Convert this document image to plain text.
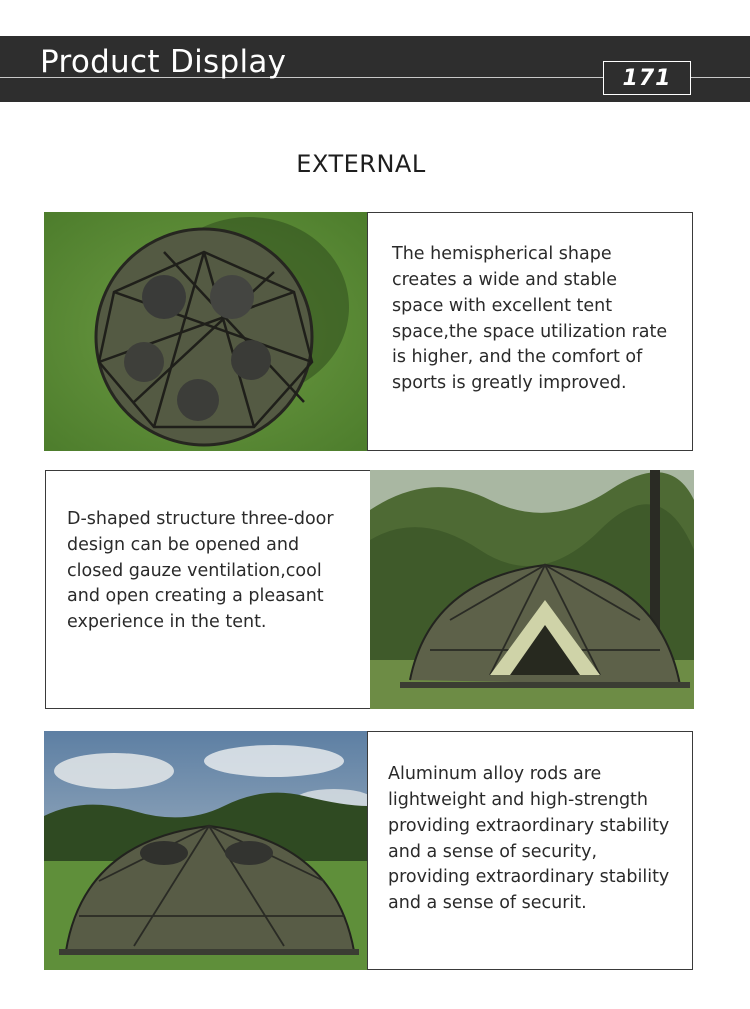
Product Display	171
EXTERNAL

The hemispherical shape creates a wide and stable space with excellent tent space,the space utilization rate is higher, and the comfort of sports is greatly improved.

D-shaped structure three-door design can be opened and closed gauze ventilation,cool and open creating a pleasant experience in the tent.

Aluminum alloy rods are lightweight and high-strength providing extraordinary stability and a sense of security, providing extraordinary stability and a sense of securit.
